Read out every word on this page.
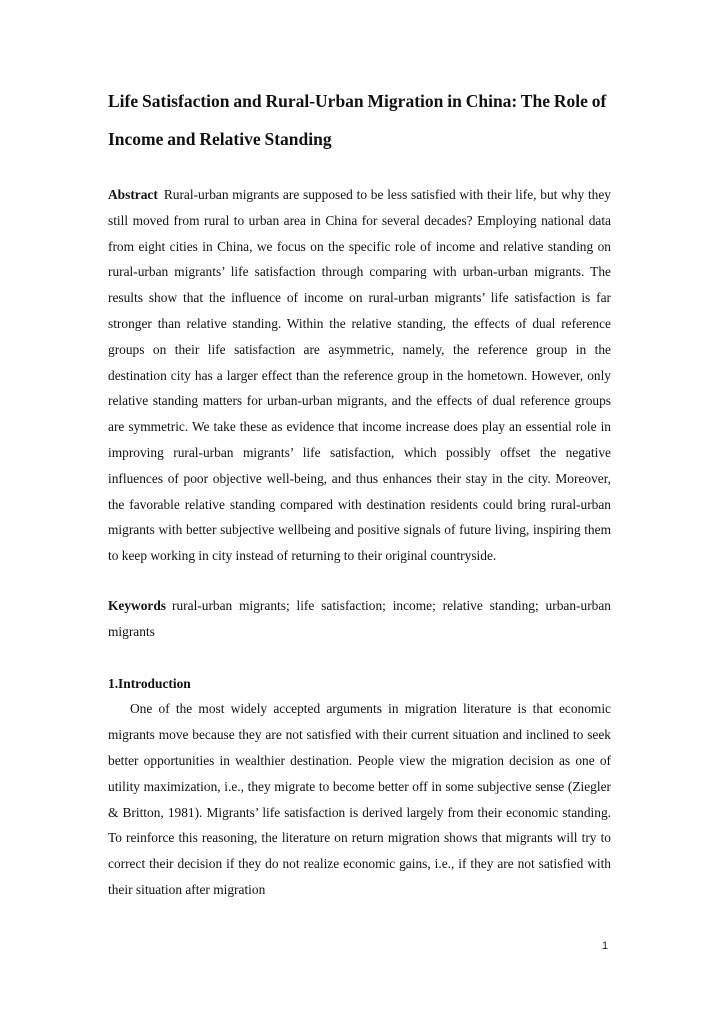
Life Satisfaction and Rural-Urban Migration in China: The Role of Income and Relative Standing

Abstract Rural-urban migrants are supposed to be less satisfied with their life, but why they still moved from rural to urban area in China for several decades? Employing national data from eight cities in China, we focus on the specific role of income and relative standing on rural-urban migrants’ life satisfaction through comparing with urban-urban migrants. The results show that the influence of income on rural-urban migrants’ life satisfaction is far stronger than relative standing. Within the relative standing, the effects of dual reference groups on their life satisfaction are asymmetric, namely, the reference group in the destination city has a larger effect than the reference group in the hometown. However, only relative standing matters for urban-urban migrants, and the effects of dual reference groups are symmetric. We take these as evidence that income increase does play an essential role in improving rural-urban migrants’ life satisfaction, which possibly offset the negative influences of poor objective well-being, and thus enhances their stay in the city. Moreover, the favorable relative standing compared with destination residents could bring rural-urban migrants with better subjective wellbeing and positive signals of future living, inspiring them to keep working in city instead of returning to their original countryside.

Keywords rural-urban migrants; life satisfaction; income; relative standing; urban-urban migrants

1.Introduction

One of the most widely accepted arguments in migration literature is that economic migrants move because they are not satisfied with their current situation and inclined to seek better opportunities in wealthier destination. People view the migration decision as one of utility maximization, i.e., they migrate to become better off in some subjective sense (Ziegler & Britton, 1981). Migrants’ life satisfaction is derived largely from their economic standing. To reinforce this reasoning, the literature on return migration shows that migrants will try to correct their decision if they do not realize economic gains, i.e., if they are not satisfied with their situation after migration

1
